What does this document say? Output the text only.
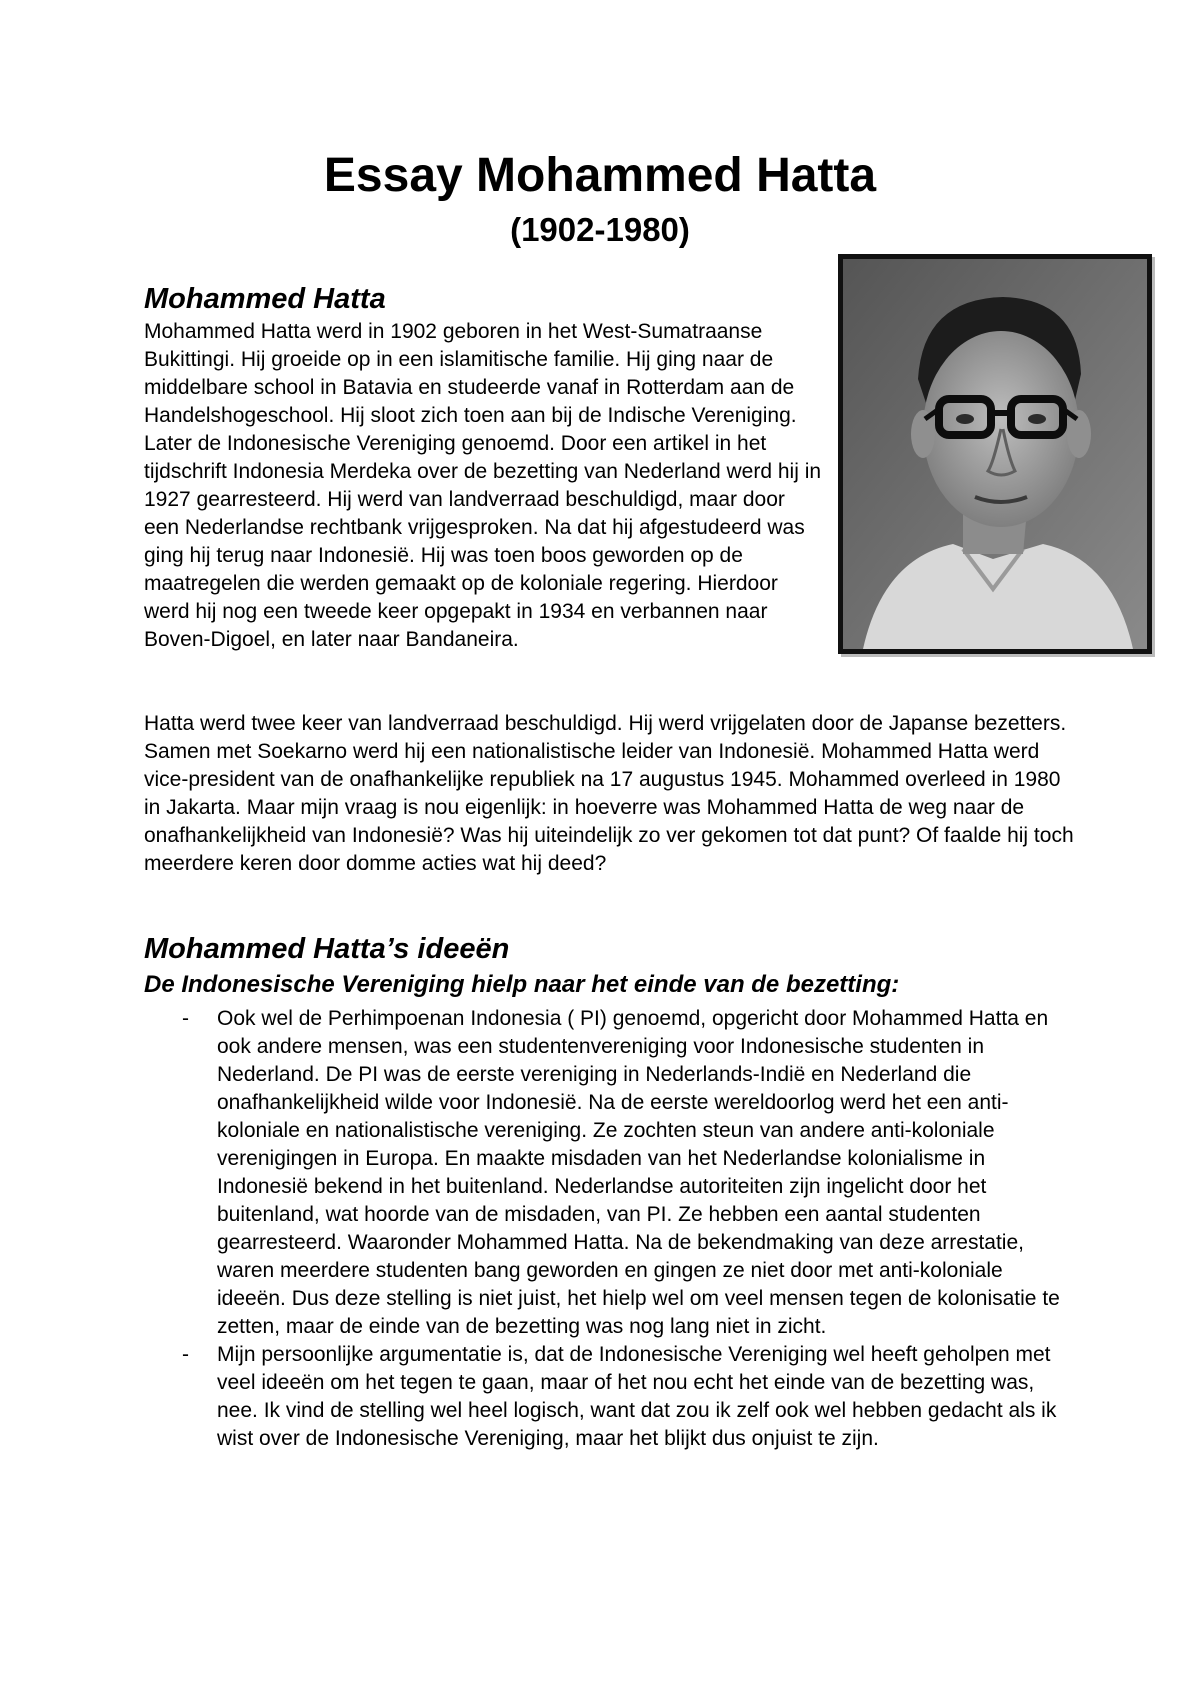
Essay Mohammed Hatta
(1902-1980)
Mohammed Hatta

Mohammed Hatta werd in 1902 geboren in het West-Sumatraanse Bukittingi. Hij groeide op in een islamitische familie. Hij ging naar de middelbare school in Batavia en studeerde vanaf in Rotterdam aan de Handelshogeschool. Hij sloot zich toen aan bij de Indische Vereniging. Later de Indonesische Vereniging genoemd. Door een artikel in het tijdschrift Indonesia Merdeka over de bezetting van Nederland werd hij in 1927 gearresteerd. Hij werd van landverraad beschuldigd, maar door een Nederlandse rechtbank vrijgesproken. Na dat hij afgestudeerd was ging hij terug naar Indonesië. Hij was toen boos geworden op de maatregelen die werden gemaakt op de koloniale regering. Hierdoor werd hij nog een tweede keer opgepakt in 1934 en verbannen naar Boven-Digoel, en later naar Bandaneira.

Hatta werd twee keer van landverraad beschuldigd. Hij werd vrijgelaten door de Japanse bezetters. Samen met Soekarno werd hij een nationalistische leider van Indonesië. Mohammed Hatta werd vice-president van de onafhankelijke republiek na 17 augustus 1945. Mohammed overleed in 1980 in Jakarta. Maar mijn vraag is nou eigenlijk: in hoeverre was Mohammed Hatta de weg naar de onafhankelijkheid van Indonesië? Was hij uiteindelijk zo ver gekomen tot dat punt? Of faalde hij toch meerdere keren door domme acties wat hij deed?

Mohammed Hatta’s ideeën
De Indonesische Vereniging hielp naar het einde van de bezetting:
- Ook wel de Perhimpoenan Indonesia ( PI) genoemd, opgericht door Mohammed Hatta en ook andere mensen, was een studentenvereniging voor Indonesische studenten in Nederland. De PI was de eerste vereniging in Nederlands-Indië en Nederland die onafhankelijkheid wilde voor Indonesië. Na de eerste wereldoorlog werd het een anti-koloniale en nationalistische vereniging. Ze zochten steun van andere anti-koloniale verenigingen in Europa. En maakte misdaden van het Nederlandse kolonialisme in Indonesië bekend in het buitenland. Nederlandse autoriteiten zijn ingelicht door het buitenland, wat hoorde van de misdaden, van PI. Ze hebben een aantal studenten gearresteerd. Waaronder Mohammed Hatta. Na de bekendmaking van deze arrestatie, waren meerdere studenten bang geworden en gingen ze niet door met anti-koloniale ideeën. Dus deze stelling is niet juist, het hielp wel om veel mensen tegen de kolonisatie te zetten, maar de einde van de bezetting was nog lang niet in zicht.
- Mijn persoonlijke argumentatie is, dat de Indonesische Vereniging wel heeft geholpen met veel ideeën om het tegen te gaan, maar of het nou echt het einde van de bezetting was, nee. Ik vind de stelling wel heel logisch, want dat zou ik zelf ook wel hebben gedacht als ik wist over de Indonesische Vereniging, maar het blijkt dus onjuist te zijn.
